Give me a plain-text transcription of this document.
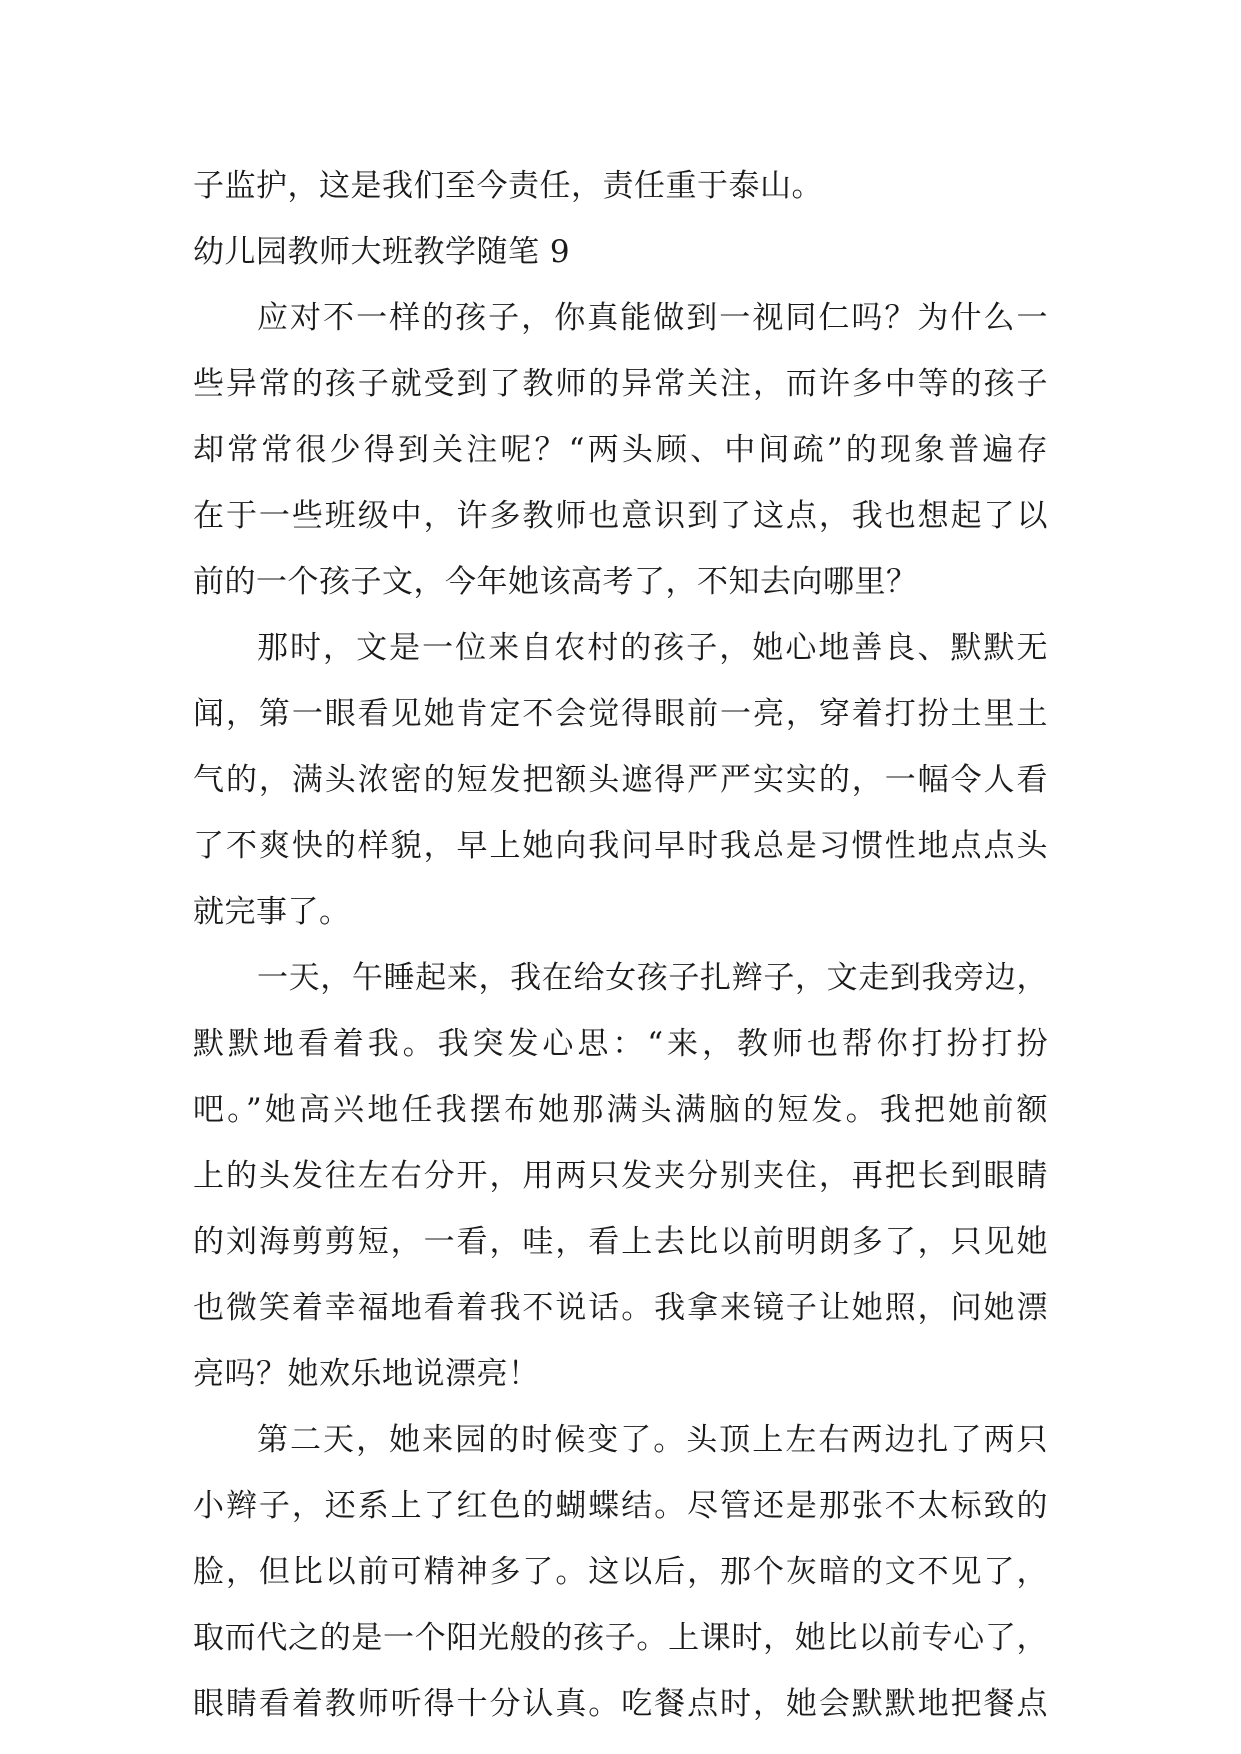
子监护，这是我们至今责任，责任重于泰山。
幼儿园教师大班教学随笔 9
应对不一样的孩子，你真能做到一视同仁吗？为什么一
些异常的孩子就受到了教师的异常关注，而许多中等的孩子
却常常很少得到关注呢？“两头顾、中间疏”的现象普遍存
在于一些班级中，许多教师也意识到了这点，我也想起了以
前的一个孩子文，今年她该高考了，不知去向哪里？
那时，文是一位来自农村的孩子，她心地善良、默默无
闻，第一眼看见她肯定不会觉得眼前一亮，穿着打扮土里土
气的，满头浓密的短发把额头遮得严严实实的，一幅令人看
了不爽快的样貌，早上她向我问早时我总是习惯性地点点头
就完事了。
一天，午睡起来，我在给女孩子扎辫子，文走到我旁边，
默默地看着我。我突发心思：“来，教师也帮你打扮打扮
吧。”她高兴地任我摆布她那满头满脑的短发。我把她前额
上的头发往左右分开，用两只发夹分别夹住，再把长到眼睛
的刘海剪剪短，一看，哇，看上去比以前明朗多了，只见她
也微笑着幸福地看着我不说话。我拿来镜子让她照，问她漂
亮吗？她欢乐地说漂亮！
第二天，她来园的时候变了。头顶上左右两边扎了两只
小辫子，还系上了红色的蝴蝶结。尽管还是那张不太标致的
脸，但比以前可精神多了。这以后，那个灰暗的文不见了，
取而代之的是一个阳光般的孩子。上课时，她比以前专心了，
眼睛看着教师听得十分认真。吃餐点时，她会默默地把餐点
